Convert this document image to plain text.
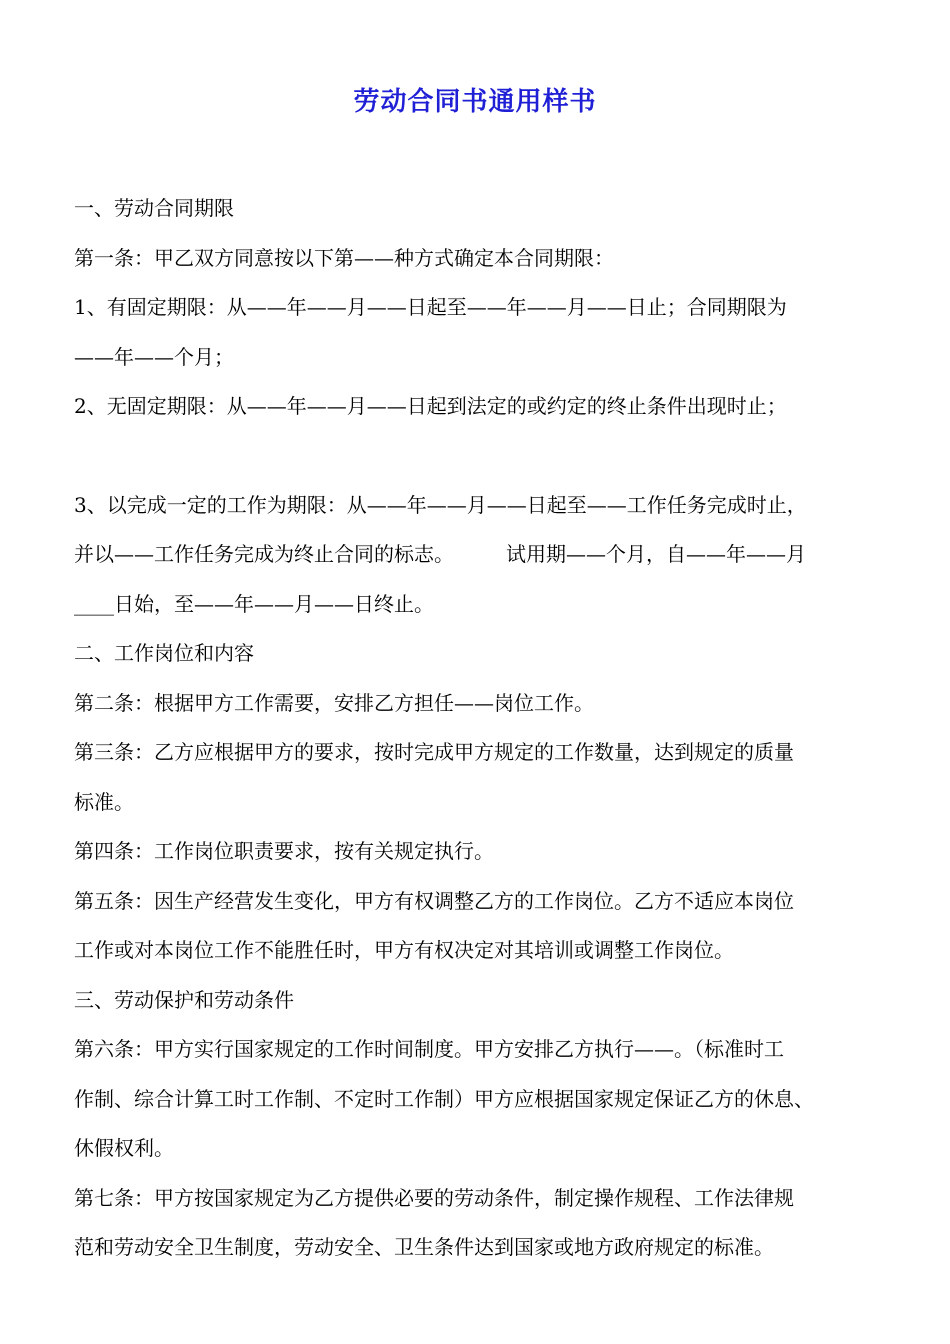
劳动合同书通用样书

一、劳动合同期限

第一条：甲乙双方同意按以下第——种方式确定本合同期限：

1、有固定期限：从——年——月——日起至——年——月——日止；合同期限为

——年——个月；

2、无固定期限：从——年——月——日起到法定的或约定的终止条件出现时止；

3、以完成一定的工作为期限：从——年——月——日起至——工作任务完成时止，

并以——工作任务完成为终止合同的标志。	试用期——个月，自——年——月

____日始，至——年——月——日终止。

二、工作岗位和内容

第二条：根据甲方工作需要，安排乙方担任——岗位工作。

第三条：乙方应根据甲方的要求，按时完成甲方规定的工作数量，达到规定的质量

标准。

第四条：工作岗位职责要求，按有关规定执行。

第五条：因生产经营发生变化，甲方有权调整乙方的工作岗位。乙方不适应本岗位

工作或对本岗位工作不能胜任时，甲方有权决定对其培训或调整工作岗位。

三、劳动保护和劳动条件

第六条：甲方实行国家规定的工作时间制度。甲方安排乙方执行——。（标准时工

作制、综合计算工时工作制、不定时工作制）甲方应根据国家规定保证乙方的休息、

休假权利。

第七条：甲方按国家规定为乙方提供必要的劳动条件，制定操作规程、工作法律规

范和劳动安全卫生制度，劳动安全、卫生条件达到国家或地方政府规定的标准。
